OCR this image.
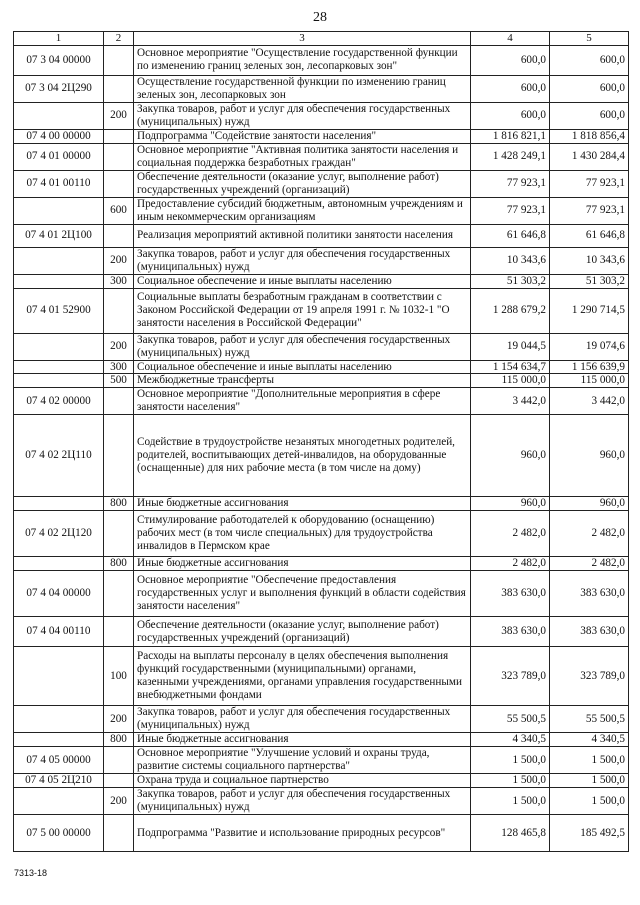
28
1	2	3	4	5
07 3 04 00000		Основное мероприятие "Осуществление государственной функции по изменению границ зеленых зон, лесопарковых зон"	600,0	600,0
07 3 04 2Ц290		Осуществление государственной функции по изменению границ зеленых зон, лесопарковых зон	600,0	600,0
	200	Закупка товаров, работ и услуг для обеспечения государственных (муниципальных) нужд	600,0	600,0
07 4 00 00000		Подпрограмма "Содействие занятости населения"	1 816 821,1	1 818 856,4
07 4 01 00000		Основное мероприятие "Активная политика занятости населения и социальная поддержка безработных граждан"	1 428 249,1	1 430 284,4
07 4 01 00110		Обеспечение деятельности (оказание услуг, выполнение работ) государственных учреждений (организаций)	77 923,1	77 923,1
	600	Предоставление субсидий бюджетным, автономным учреждениям и иным некоммерческим организациям	77 923,1	77 923,1
07 4 01 2Ц100		Реализация мероприятий активной политики занятости населения	61 646,8	61 646,8
	200	Закупка товаров, работ и услуг для обеспечения государственных (муниципальных) нужд	10 343,6	10 343,6
	300	Социальное обеспечение и иные выплаты населению	51 303,2	51 303,2
07 4 01 52900		Социальные выплаты безработным гражданам в соответствии с Законом Российской Федерации от 19 апреля 1991 г. № 1032-1 "О занятости населения в Российской Федерации"	1 288 679,2	1 290 714,5
	200	Закупка товаров, работ и услуг для обеспечения государственных (муниципальных) нужд	19 044,5	19 074,6
	300	Социальное обеспечение и иные выплаты населению	1 154 634,7	1 156 639,9
	500	Межбюджетные трансферты	115 000,0	115 000,0
07 4 02 00000		Основное мероприятие "Дополнительные мероприятия в сфере занятости населения"	3 442,0	3 442,0
07 4 02 2Ц110		Содействие в трудоустройстве незанятых многодетных родителей, родителей, воспитывающих детей-инвалидов, на оборудованные (оснащенные) для них рабочие места (в том числе на дому)	960,0	960,0
	800	Иные бюджетные ассигнования	960,0	960,0
07 4 02 2Ц120		Стимулирование работодателей к оборудованию (оснащению) рабочих мест (в том числе специальных) для трудоустройства инвалидов в Пермском крае	2 482,0	2 482,0
	800	Иные бюджетные ассигнования	2 482,0	2 482,0
07 4 04 00000		Основное мероприятие "Обеспечение предоставления государственных услуг и выполнения функций в области содействия занятости населения"	383 630,0	383 630,0
07 4 04 00110		Обеспечение деятельности (оказание услуг, выполнение работ) государственных учреждений (организаций)	383 630,0	383 630,0
	100	Расходы на выплаты персоналу в целях обеспечения выполнения функций государственными (муниципальными) органами, казенными учреждениями, органами управления государственными внебюджетными фондами	323 789,0	323 789,0
	200	Закупка товаров, работ и услуг для обеспечения государственных (муниципальных) нужд	55 500,5	55 500,5
	800	Иные бюджетные ассигнования	4 340,5	4 340,5
07 4 05 00000		Основное мероприятие "Улучшение условий и охраны труда, развитие системы социального партнерства"	1 500,0	1 500,0
07 4 05 2Ц210		Охрана труда и социальное партнерство	1 500,0	1 500,0
	200	Закупка товаров, работ и услуг для обеспечения государственных (муниципальных) нужд	1 500,0	1 500,0
07 5 00 00000		Подпрограмма "Развитие и использование природных ресурсов"	128 465,8	185 492,5
7313-18
